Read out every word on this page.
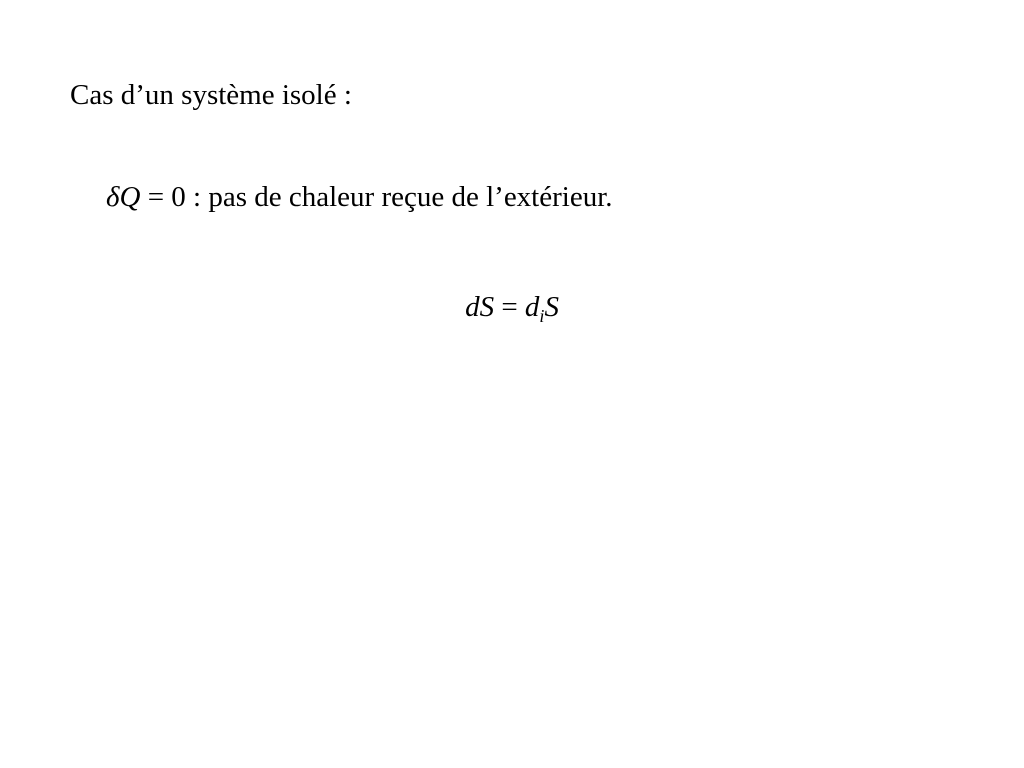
Cas d’un système isolé :
δQ = 0 : pas de chaleur reçue de l’extérieur.
dS = $d_iS$
